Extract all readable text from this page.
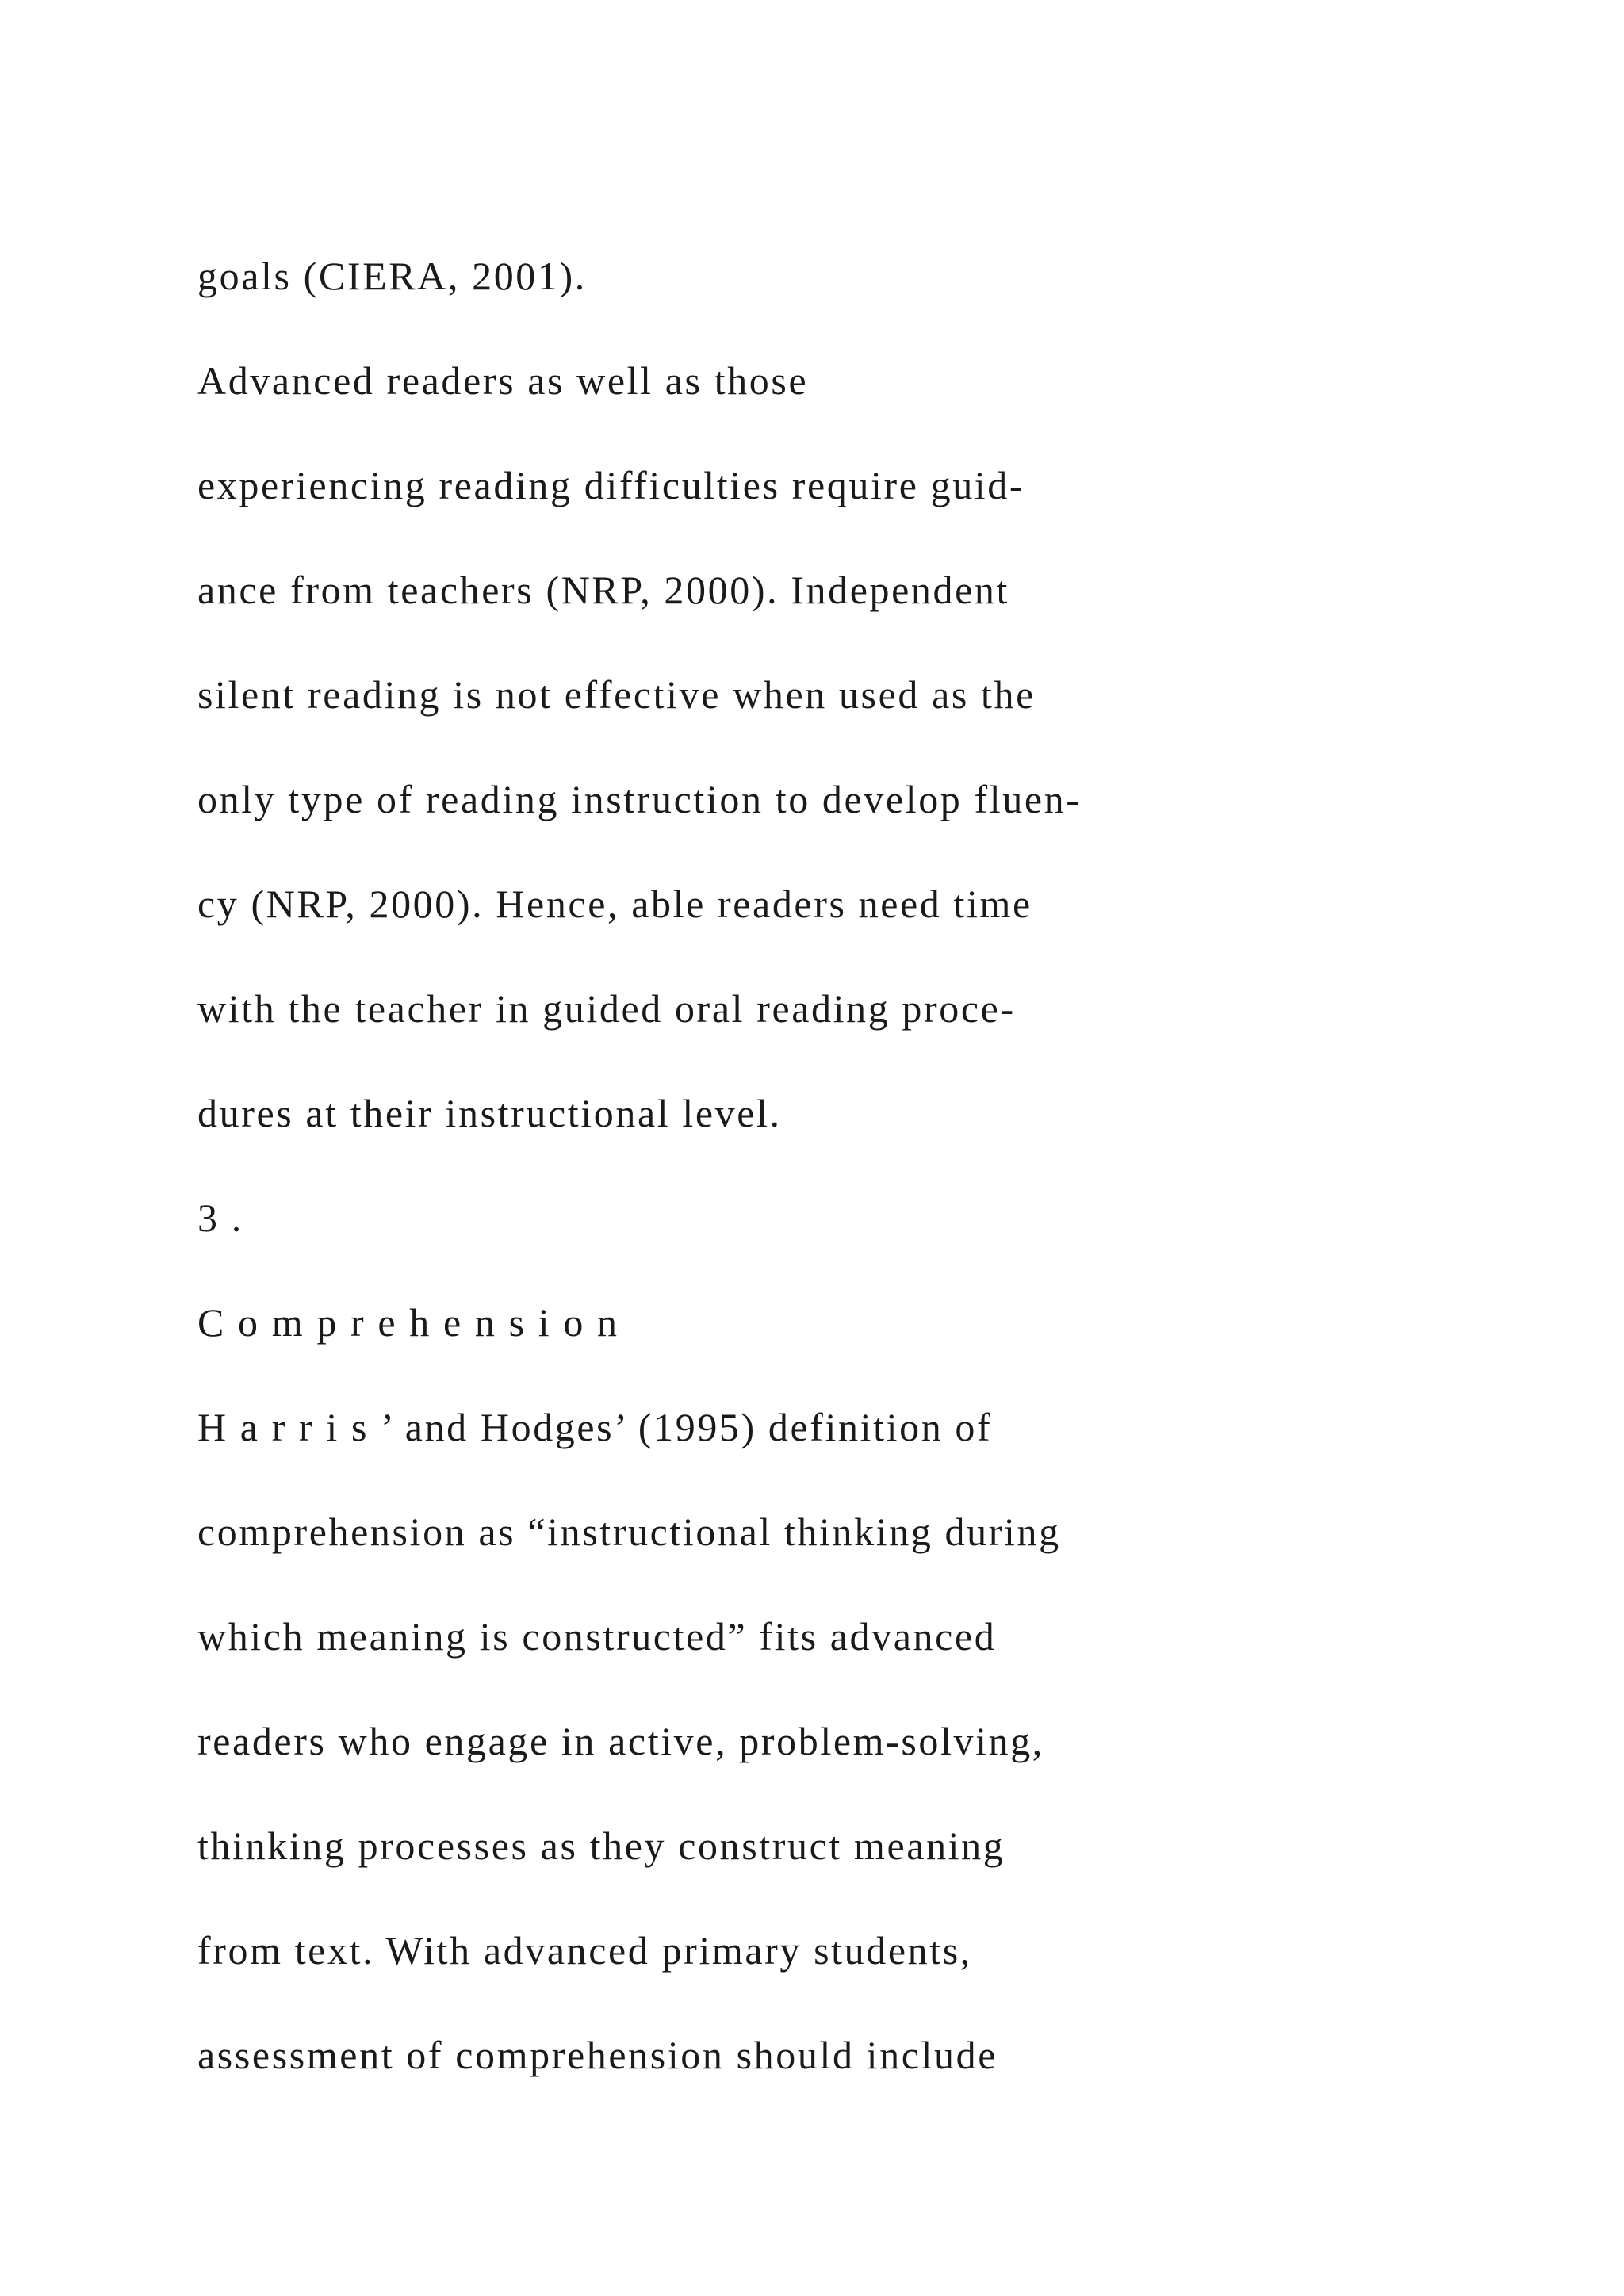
goals (CIERA, 2001).

Advanced readers as well as those

experiencing reading difficulties require guid-

ance from teachers (NRP, 2000). Independent

silent reading is not effective when used as the

only type of reading instruction to develop fluen-

cy (NRP, 2000). Hence, able readers need time

with the teacher in guided oral reading proce-

dures at their instructional level.

3 .

C o m p r e h e n s i o n

H a r r i s ’ and Hodges’ (1995) definition of

comprehension as “instructional thinking during

which meaning is constructed” fits advanced

readers who engage in active, problem-solving,

thinking processes as they construct meaning

from text. With advanced primary students,

assessment of comprehension should include
